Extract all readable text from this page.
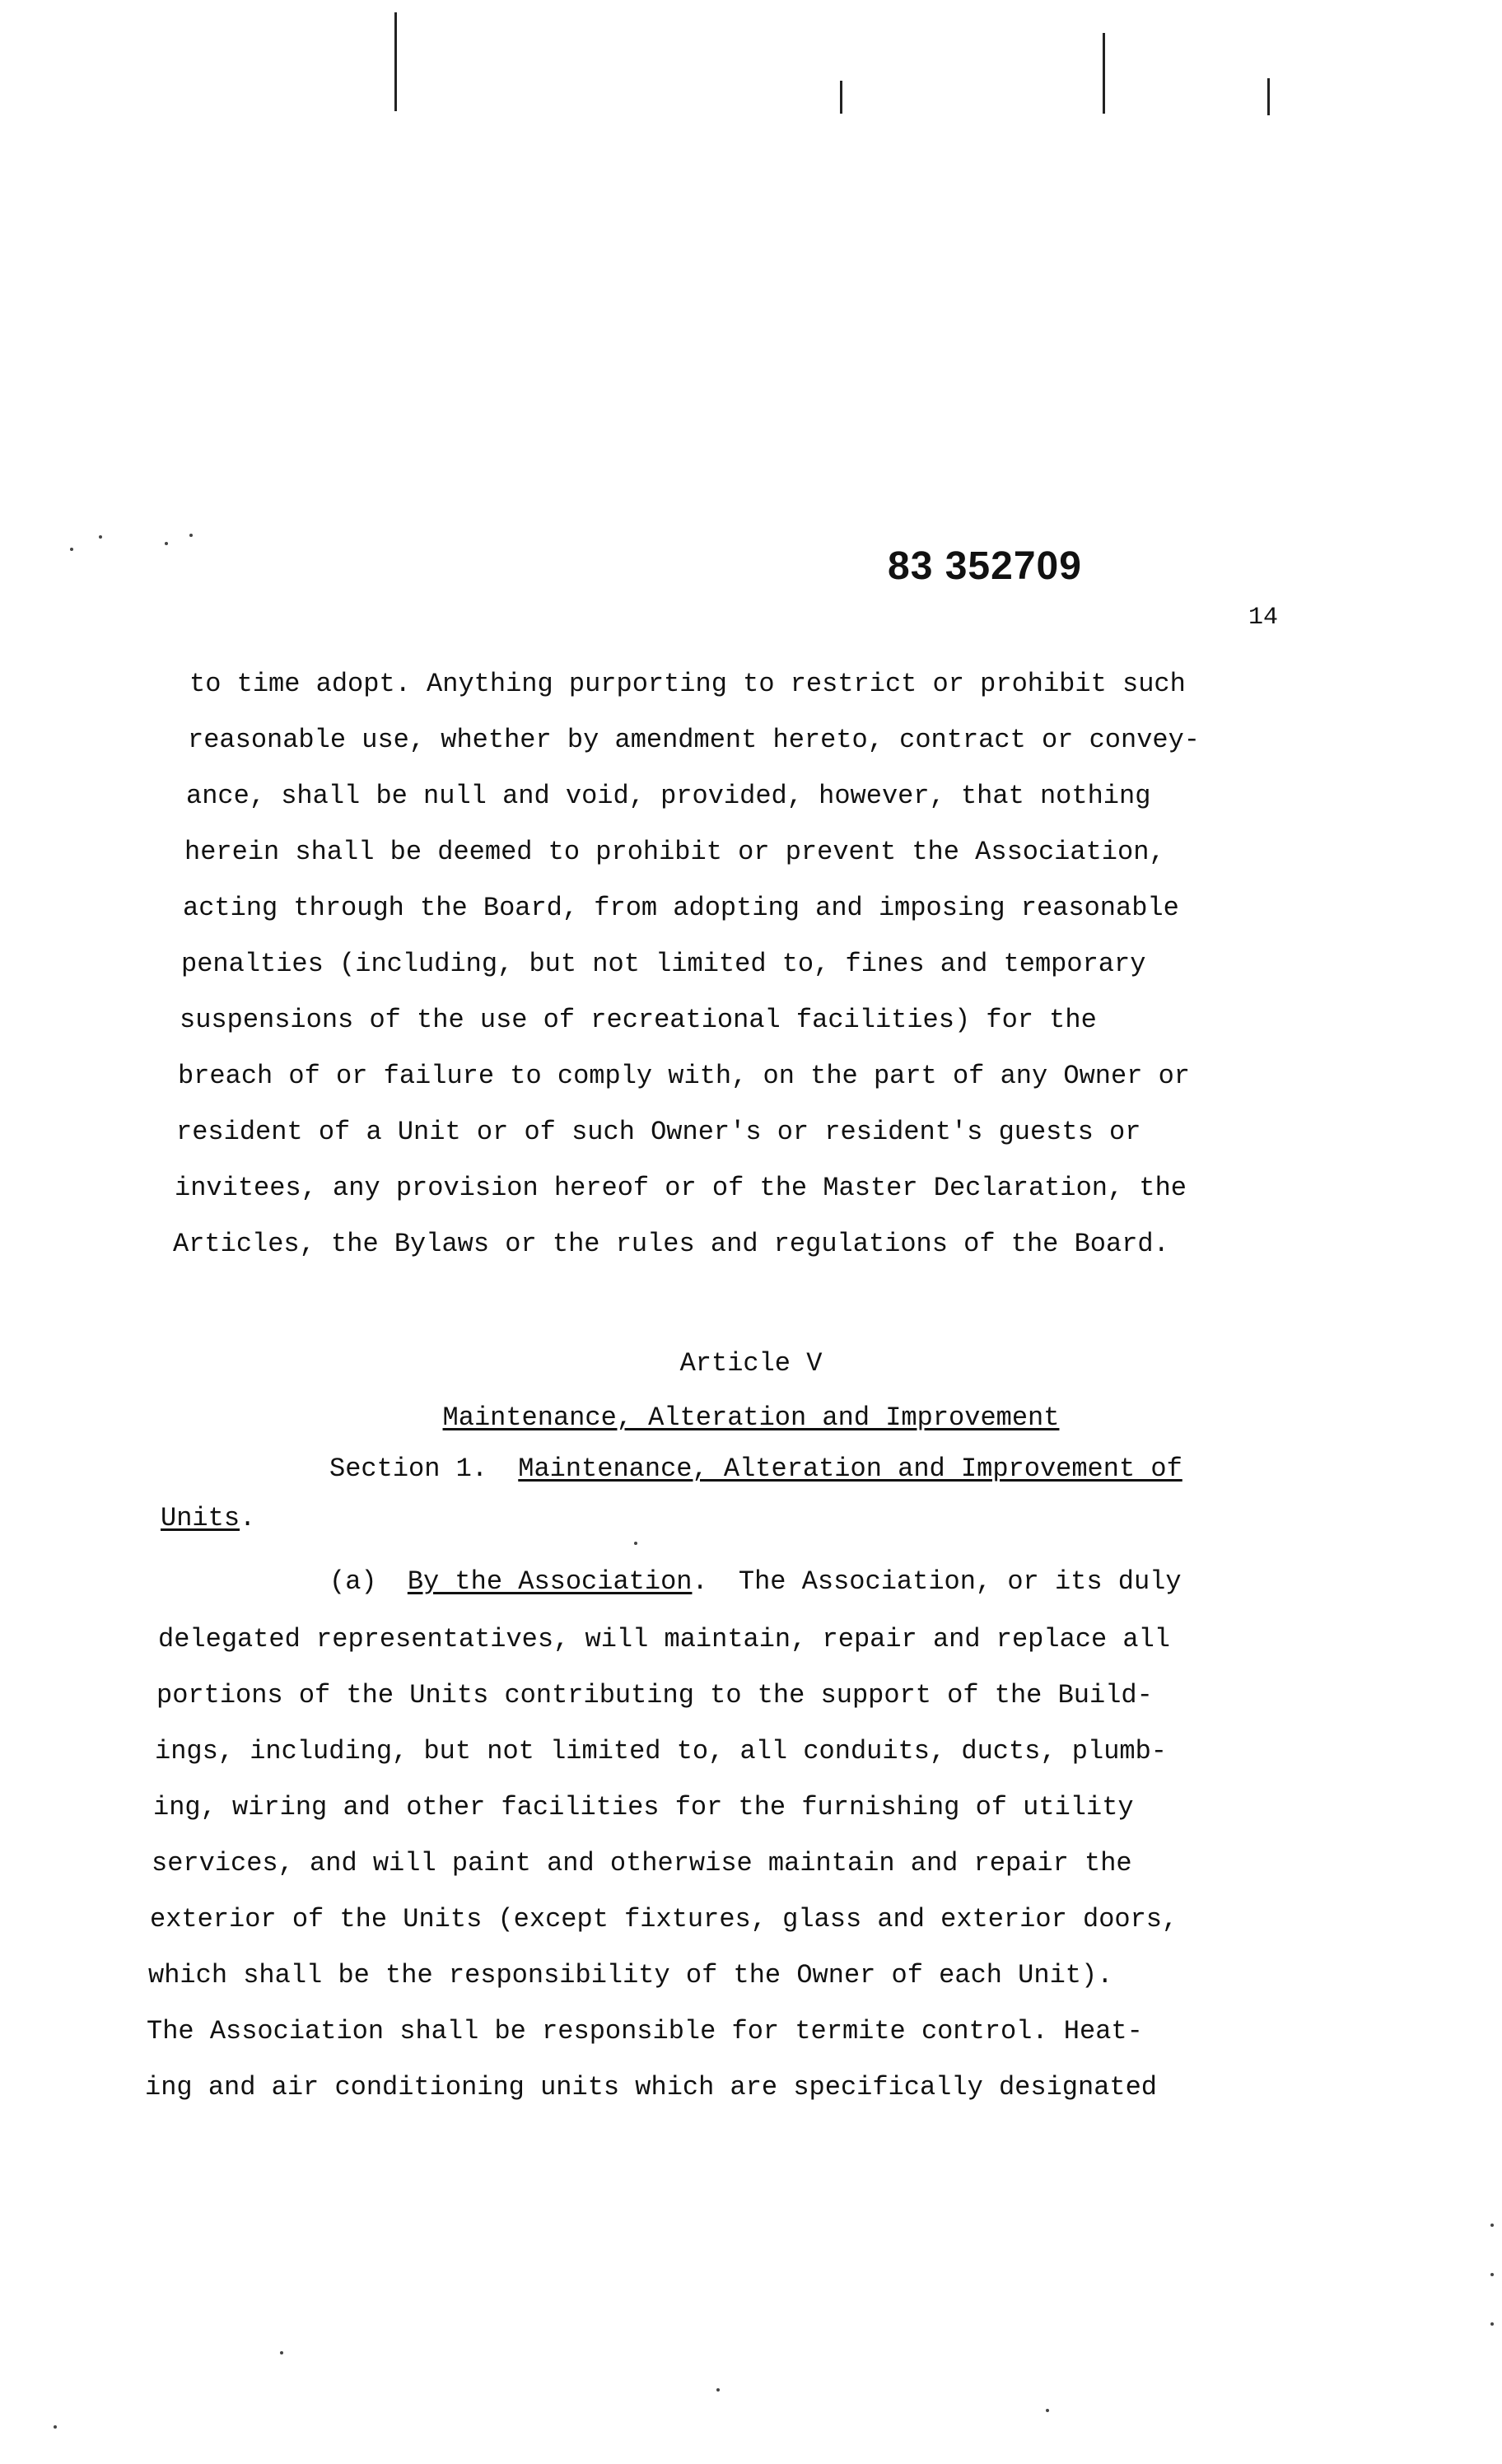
83 352709
14
to time adopt. Anything purporting to restrict or prohibit such
reasonable use, whether by amendment hereto, contract or convey-
ance, shall be null and void, provided, however, that nothing
herein shall be deemed to prohibit or prevent the Association,
acting through the Board, from adopting and imposing reasonable
penalties (including, but not limited to, fines and temporary
suspensions of the use of recreational facilities) for the
breach of or failure to comply with, on the part of any Owner or
resident of a Unit or of such Owner's or resident's guests or
invitees, any provision hereof or of the Master Declaration, the
Articles, the Bylaws or the rules and regulations of the Board.
Article V
Maintenance, Alteration and Improvement
Section 1. Maintenance, Alteration and Improvement of
Units.
(a) By the Association. The Association, or its duly
delegated representatives, will maintain, repair and replace all
portions of the Units contributing to the support of the Build-
ings, including, but not limited to, all conduits, ducts, plumb-
ing, wiring and other facilities for the furnishing of utility
services, and will paint and otherwise maintain and repair the
exterior of the Units (except fixtures, glass and exterior doors,
which shall be the responsibility of the Owner of each Unit).
The Association shall be responsible for termite control. Heat-
ing and air conditioning units which are specifically designated
